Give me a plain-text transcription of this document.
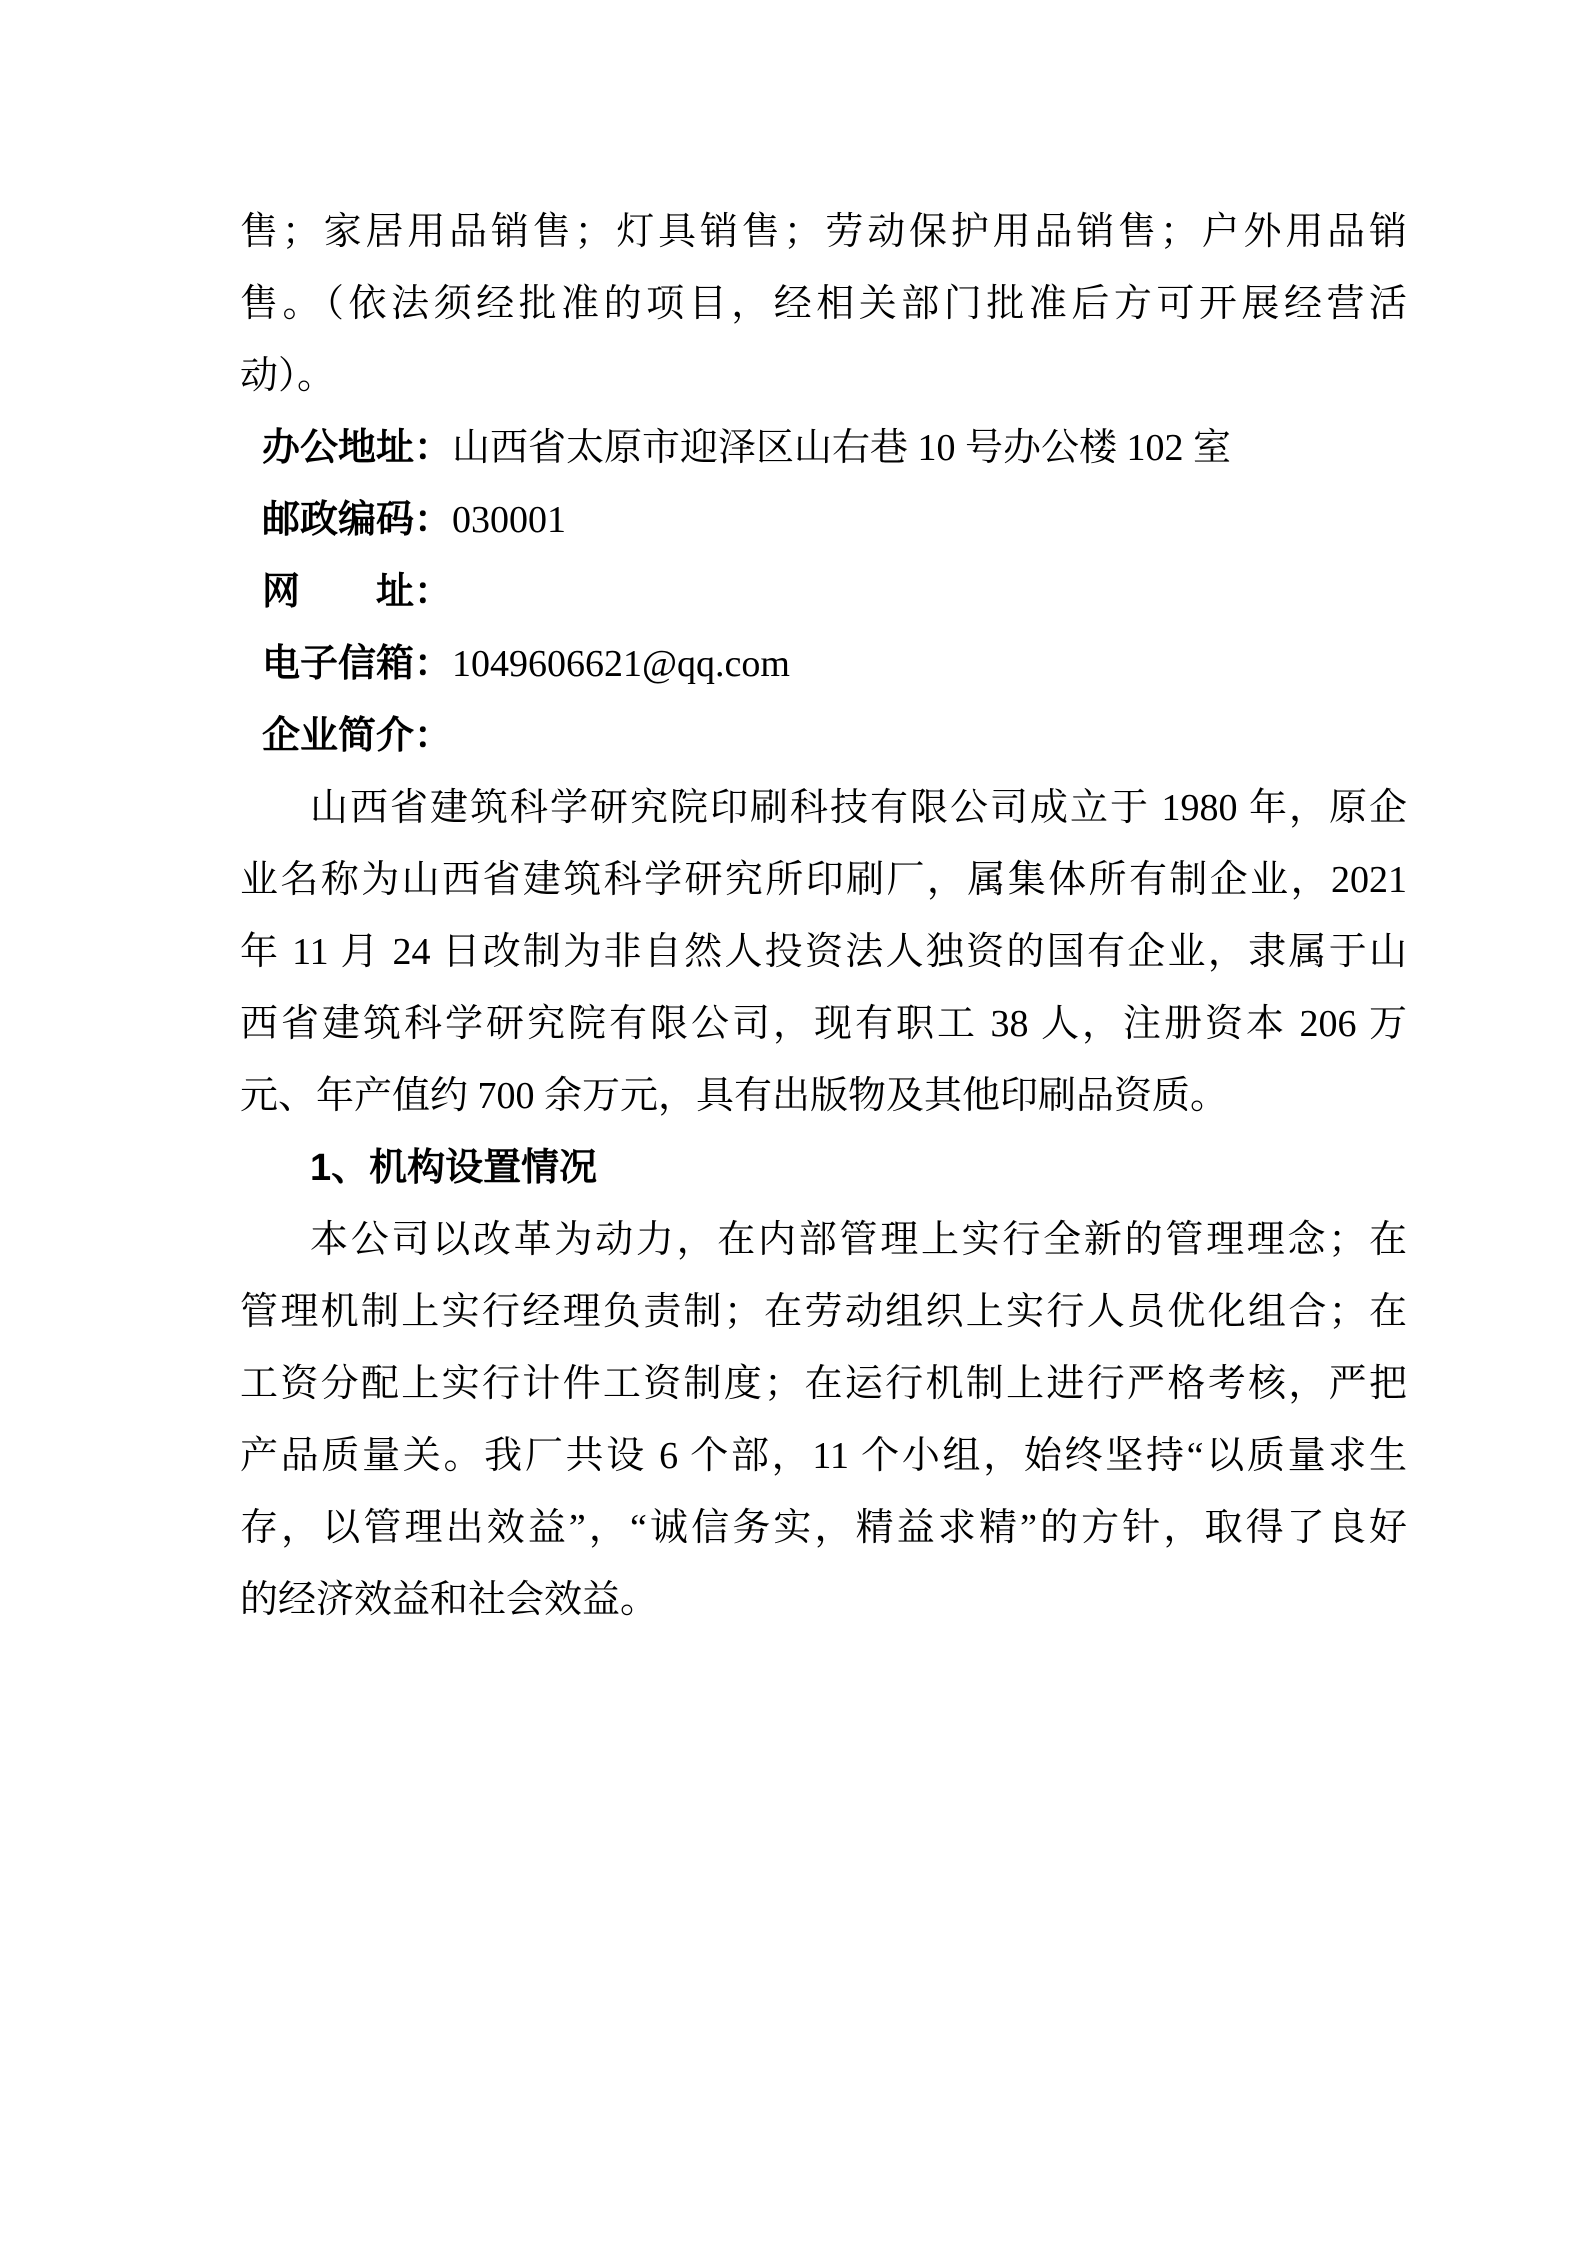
售；家居用品销售；灯具销售；劳动保护用品销售；户外用品销
售。（依法须经批准的项目，经相关部门批准后方可开展经营活
动）。
办公地址：山西省太原市迎泽区山右巷 10 号办公楼 102 室
邮政编码：030001
网　　址：
电子信箱：1049606621@qq.com
企业简介：
山西省建筑科学研究院印刷科技有限公司成立于 1980 年，原企
业名称为山西省建筑科学研究所印刷厂，属集体所有制企业，2021
年 11 月 24 日改制为非自然人投资法人独资的国有企业，隶属于山
西省建筑科学研究院有限公司，现有职工 38 人，注册资本 206 万
元、年产值约 700 余万元，具有出版物及其他印刷品资质。
1、机构设置情况
本公司以改革为动力，在内部管理上实行全新的管理理念；在
管理机制上实行经理负责制；在劳动组织上实行人员优化组合；在
工资分配上实行计件工资制度；在运行机制上进行严格考核，严把
产品质量关。我厂共设 6 个部，11 个小组，始终坚持“以质量求生
存，以管理出效益”，“诚信务实，精益求精”的方针，取得了良好
的经济效益和社会效益。
